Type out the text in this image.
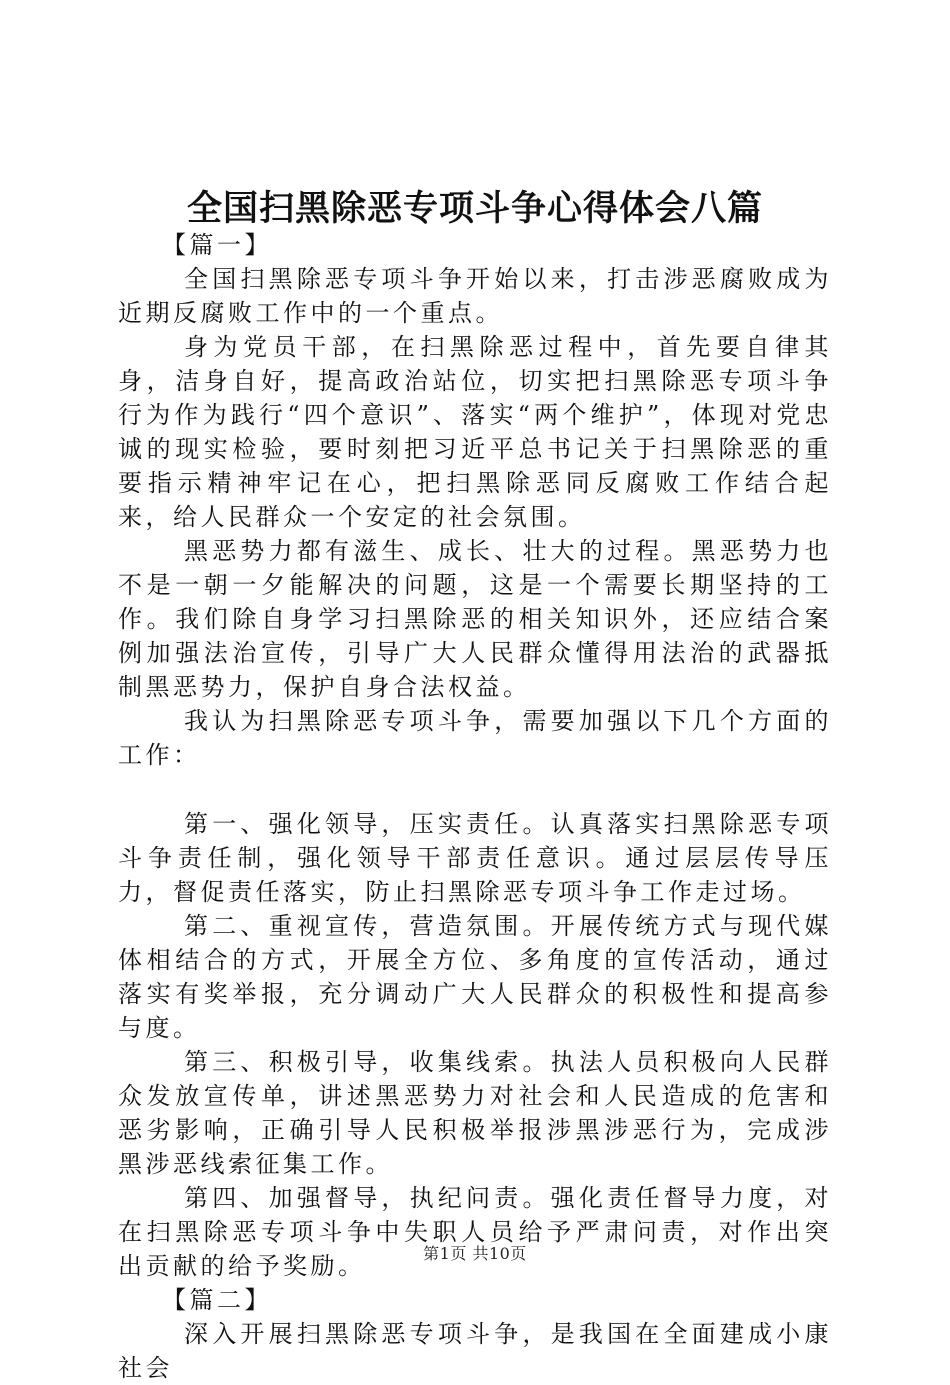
全国扫黑除恶专项斗争心得体会八篇

【篇一】

全国扫黑除恶专项斗争开始以来，打击涉恶腐败成为近期反腐败工作中的一个重点。

身为党员干部，在扫黑除恶过程中，首先要自律其身，洁身自好，提高政治站位，切实把扫黑除恶专项斗争行为作为践行“四个意识”、落实“两个维护”，体现对党忠诚的现实检验，要时刻把习近平总书记关于扫黑除恶的重要指示精神牢记在心，把扫黑除恶同反腐败工作结合起来，给人民群众一个安定的社会氛围。

黑恶势力都有滋生、成长、壮大的过程。黑恶势力也不是一朝一夕能解决的问题，这是一个需要长期坚持的工作。我们除自身学习扫黑除恶的相关知识外，还应结合案例加强法治宣传，引导广大人民群众懂得用法治的武器抵制黑恶势力，保护自身合法权益。

我认为扫黑除恶专项斗争，需要加强以下几个方面的工作：

第一、强化领导，压实责任。认真落实扫黑除恶专项斗争责任制，强化领导干部责任意识。通过层层传导压力，督促责任落实，防止扫黑除恶专项斗争工作走过场。

第二、重视宣传，营造氛围。开展传统方式与现代媒体相结合的方式，开展全方位、多角度的宣传活动，通过落实有奖举报，充分调动广大人民群众的积极性和提高参与度。

第三、积极引导，收集线索。执法人员积极向人民群众发放宣传单，讲述黑恶势力对社会和人民造成的危害和恶劣影响，正确引导人民积极举报涉黑涉恶行为，完成涉黑涉恶线索征集工作。

第四、加强督导，执纪问责。强化责任督导力度，对在扫黑除恶专项斗争中失职人员给予严肃问责，对作出突出贡献的给予奖励。

【篇二】

深入开展扫黑除恶专项斗争，是我国在全面建成小康社会

第1页 共10页
